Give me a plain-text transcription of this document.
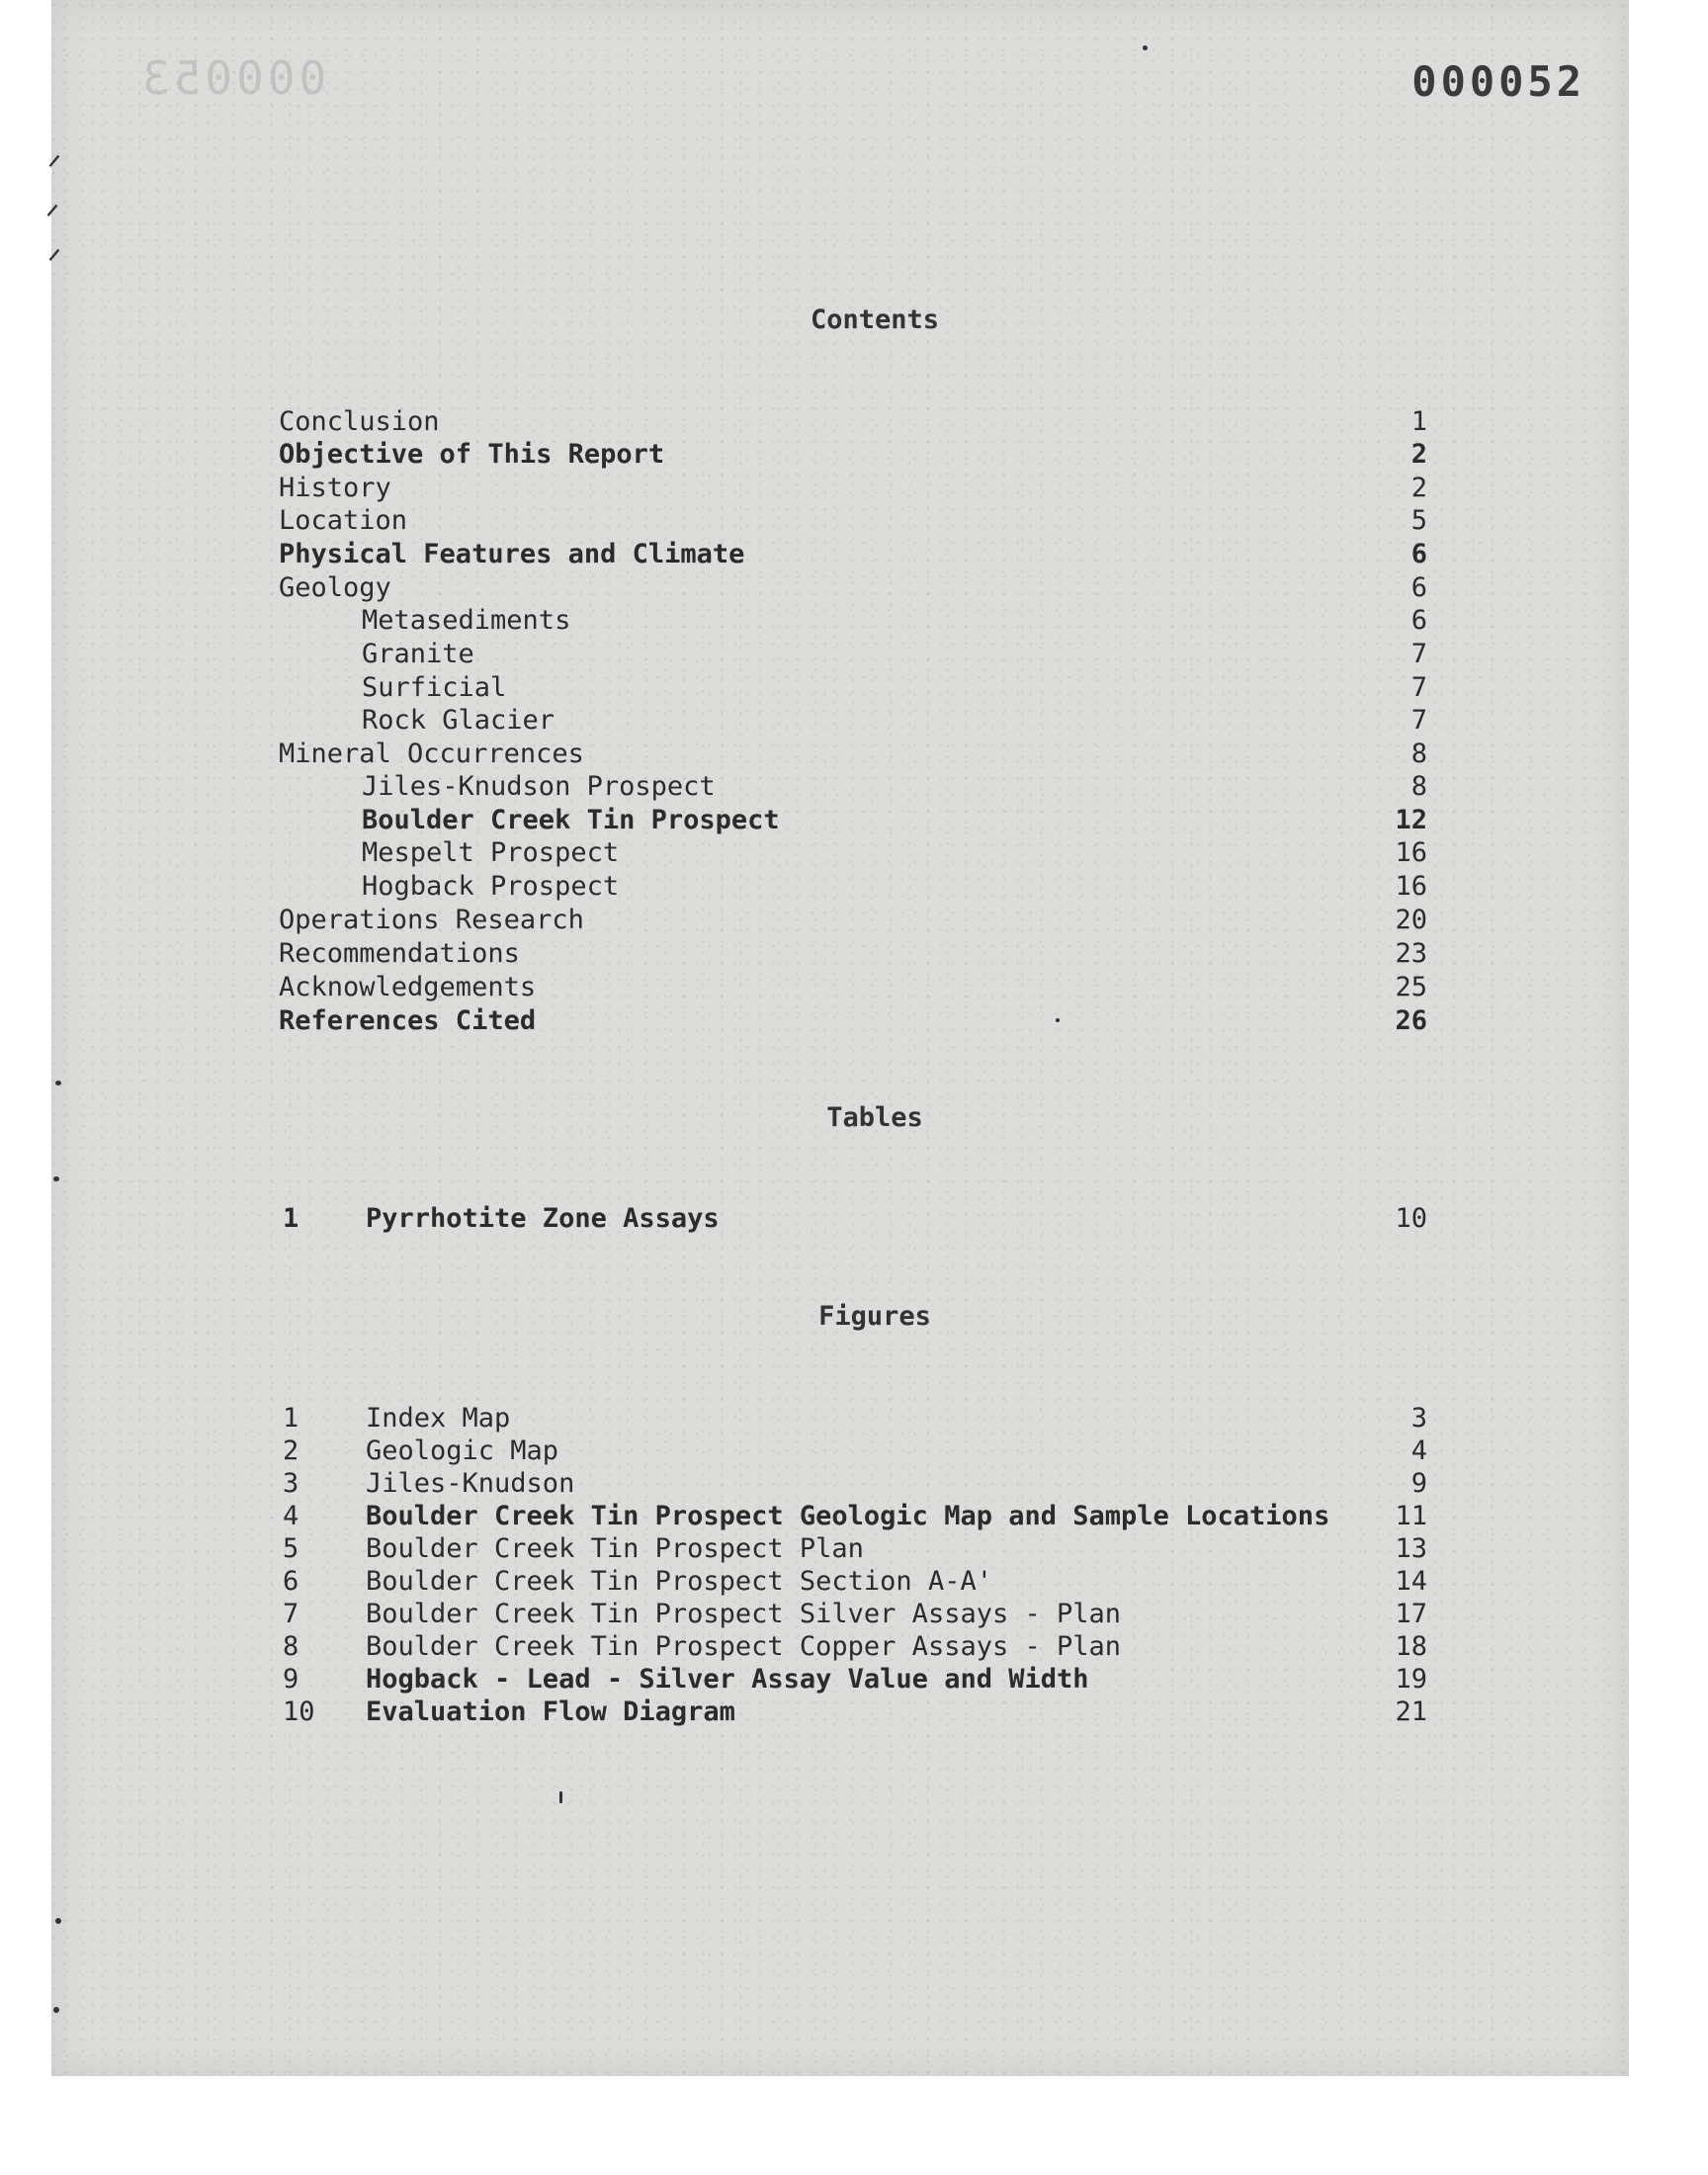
000053	000052
ᐟ
ᐟ
ᐟ
Contents
Conclusion	1
Objective of This Report	2
History	2
Location	5
Physical Features and Climate	6
Geology	6
Metasediments	6
Granite	7
Surficial	7
Rock Glacier	7
Mineral Occurrences	8
Jiles-Knudson Prospect	8
Boulder Creek Tin Prospect	12
Mespelt Prospect	16
Hogback Prospect	16
Operations Research	20
Recommendations	23
Acknowledgements	25
References Cited	26
Tables
1	Pyrrhotite Zone Assays	10
Figures
1	Index Map	3
2	Geologic Map	4
3	Jiles-Knudson	9
4	Boulder Creek Tin Prospect Geologic Map and Sample Locations 11
5	Boulder Creek Tin Prospect Plan	13
6	Boulder Creek Tin Prospect Section A-A'	14
7	Boulder Creek Tin Prospect Silver Assays - Plan	17
8	Boulder Creek Tin Prospect Copper Assays - Plan	18
9	Hogback - Lead - Silver Assay Value and Width	19
10 Evaluation Flow Diagram	21
